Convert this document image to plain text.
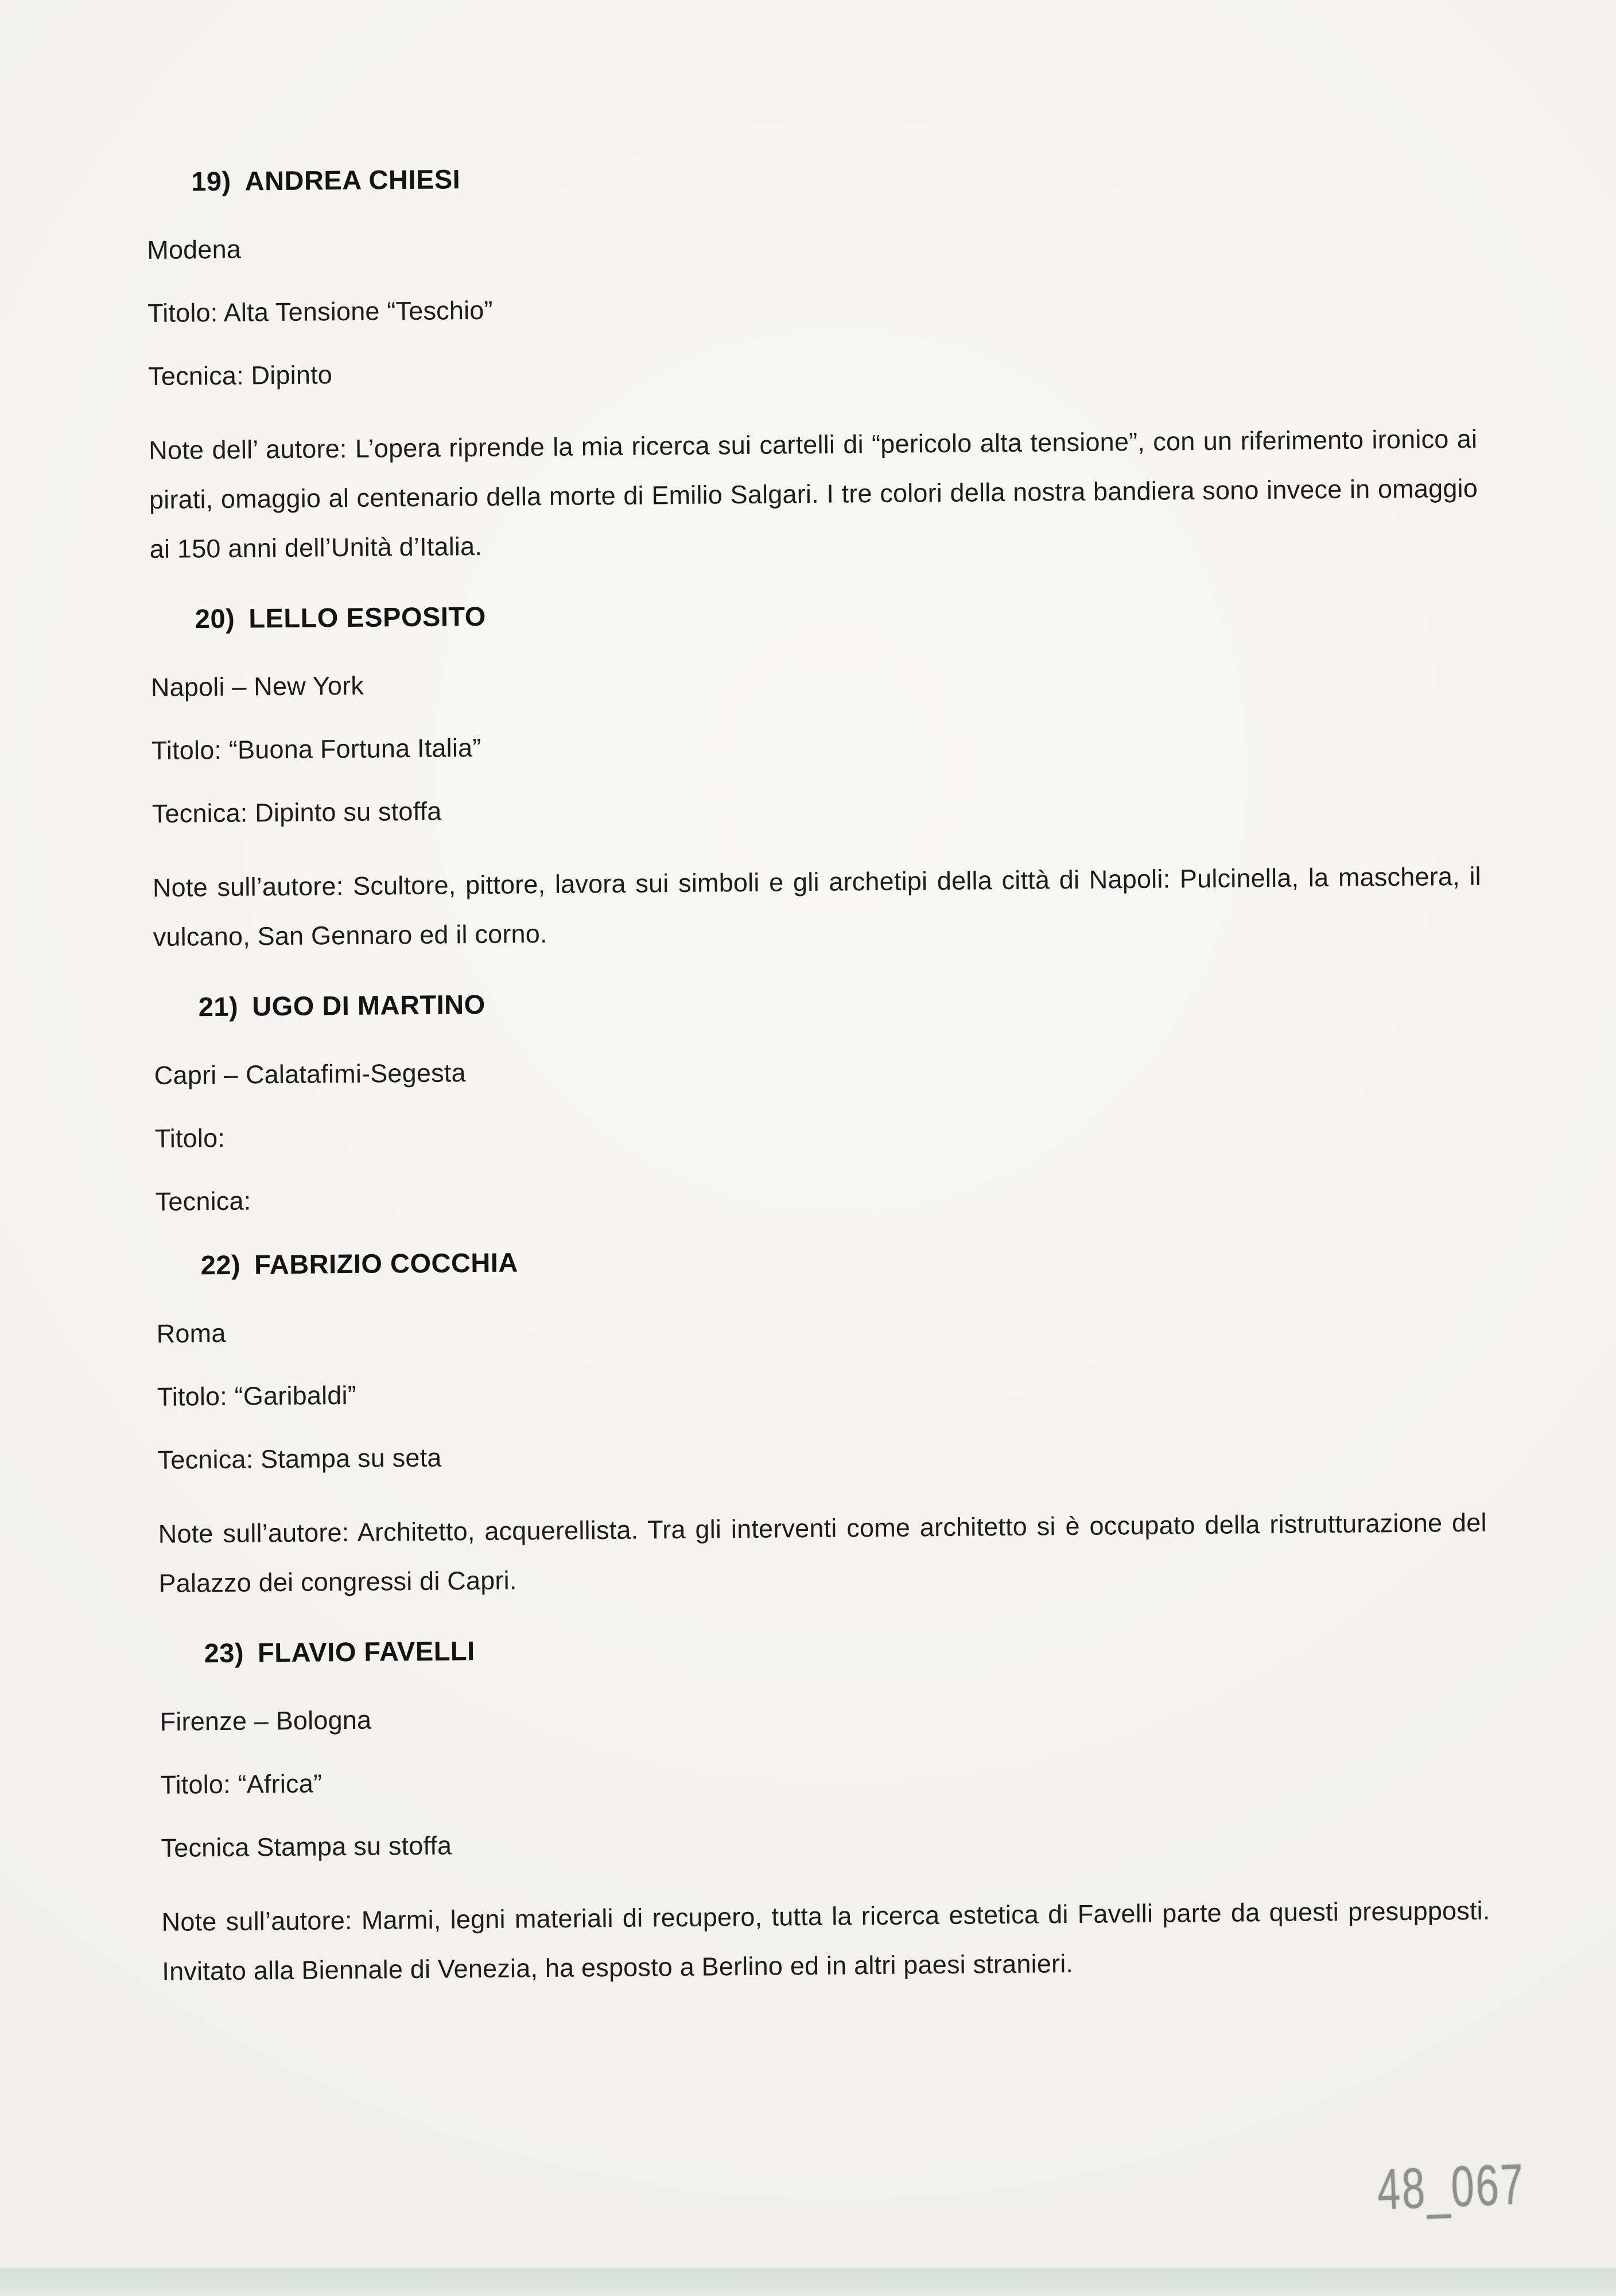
19) ANDREA CHIESI

Modena

Titolo: Alta Tensione “Teschio”

Tecnica: Dipinto

Note dell’ autore: L’opera riprende la mia ricerca sui cartelli di “pericolo alta tensione”, con un riferimento ironico ai pirati, omaggio al centenario della morte di Emilio Salgari. I tre colori della nostra bandiera sono invece in omaggio ai 150 anni dell’Unità d’Italia.

20) LELLO ESPOSITO

Napoli – New York

Titolo: “Buona Fortuna Italia”

Tecnica: Dipinto su stoffa

Note sull’autore: Scultore, pittore, lavora sui simboli e gli archetipi della città di Napoli: Pulcinella, la maschera, il vulcano, San Gennaro ed il corno.

21) UGO DI MARTINO

Capri – Calatafimi-Segesta

Titolo:

Tecnica:

22) FABRIZIO COCCHIA

Roma

Titolo: “Garibaldi”

Tecnica: Stampa su seta

Note sull’autore: Architetto, acquerellista. Tra gli interventi come architetto si è occupato della ristrutturazione del Palazzo dei congressi di Capri.

23) FLAVIO FAVELLI

Firenze – Bologna

Titolo: “Africa”

Tecnica Stampa su stoffa

Note sull’autore: Marmi, legni materiali di recupero, tutta la ricerca estetica di Favelli parte da questi presupposti. Invitato alla Biennale di Venezia, ha esposto a Berlino ed in altri paesi stranieri.

48_067
